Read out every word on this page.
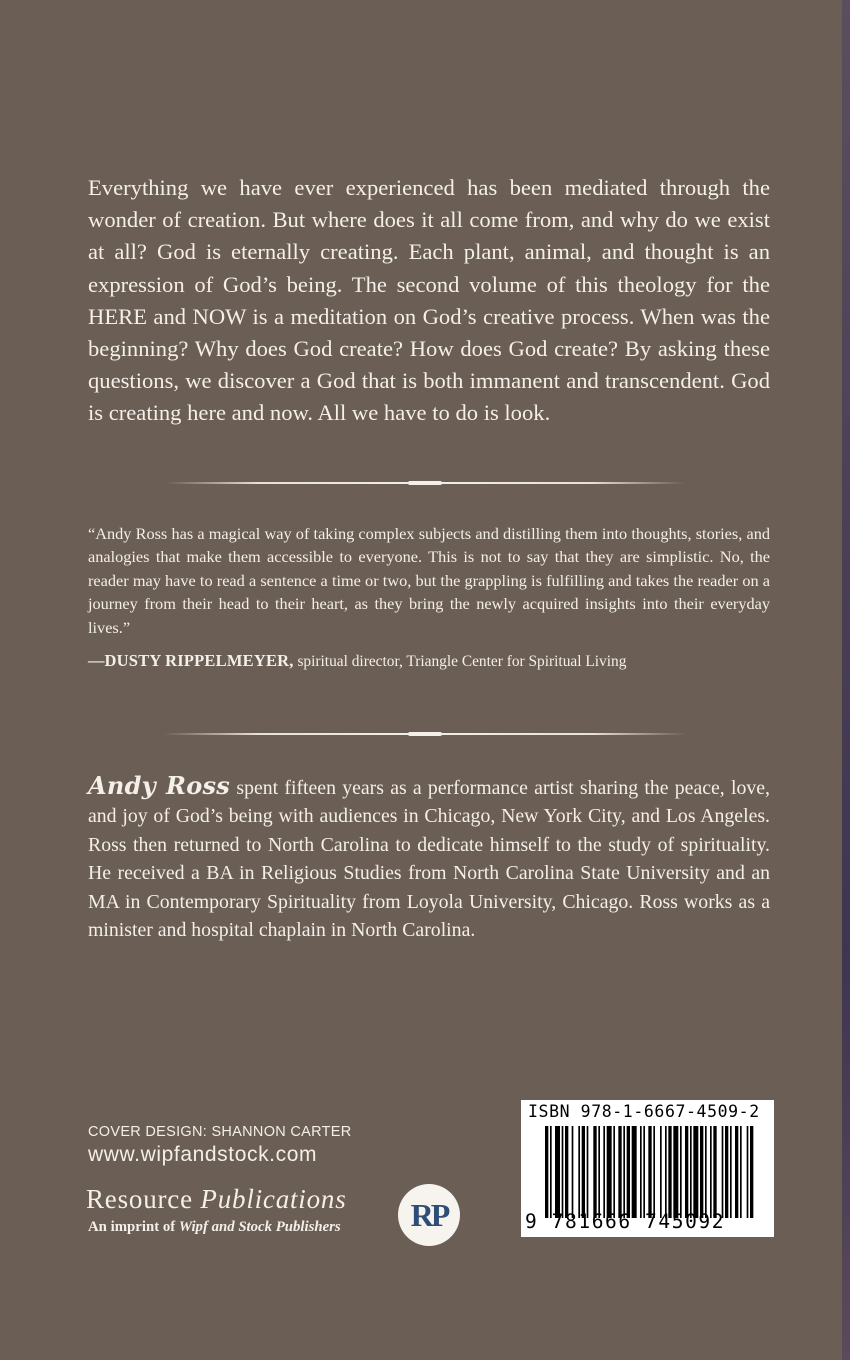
Everything we have ever experienced has been mediated through the wonder of creation. But where does it all come from, and why do we exist at all? God is eternally creating. Each plant, animal, and thought is an expression of God’s being. The second volume of this theology for the HERE and NOW is a meditation on God’s creative process. When was the beginning? Why does God create? How does God create? By asking these questions, we discover a God that is both immanent and transcendent. God is creating here and now. All we have to do is look.

“Andy Ross has a magical way of taking complex subjects and distilling them into thoughts, stories, and analogies that make them accessible to everyone. This is not to say that they are simplistic. No, the reader may have to read a sentence a time or two, but the grappling is fulfilling and takes the reader on a journey from their head to their heart, as they bring the newly acquired insights into their everyday lives.”

—DUSTY RIPPELMEYER, spiritual director, Triangle Center for Spiritual Living

Andy Ross spent fifteen years as a performance artist sharing the peace, love, and joy of God’s being with audiences in Chicago, New York City, and Los Angeles. Ross then returned to North Carolina to dedicate himself to the study of spirituality. He received a BA in Religious Studies from North Carolina State University and an MA in Contemporary Spirituality from Loyola University, Chicago. Ross works as a minister and hospital chaplain in North Carolina.

COVER DESIGN: SHANNON CARTER
www.wipfandstock.com
Resource Publications
An imprint of Wipf and Stock Publishers RP
ISBN 978-1-6667-4509-2
9 781666 745092
